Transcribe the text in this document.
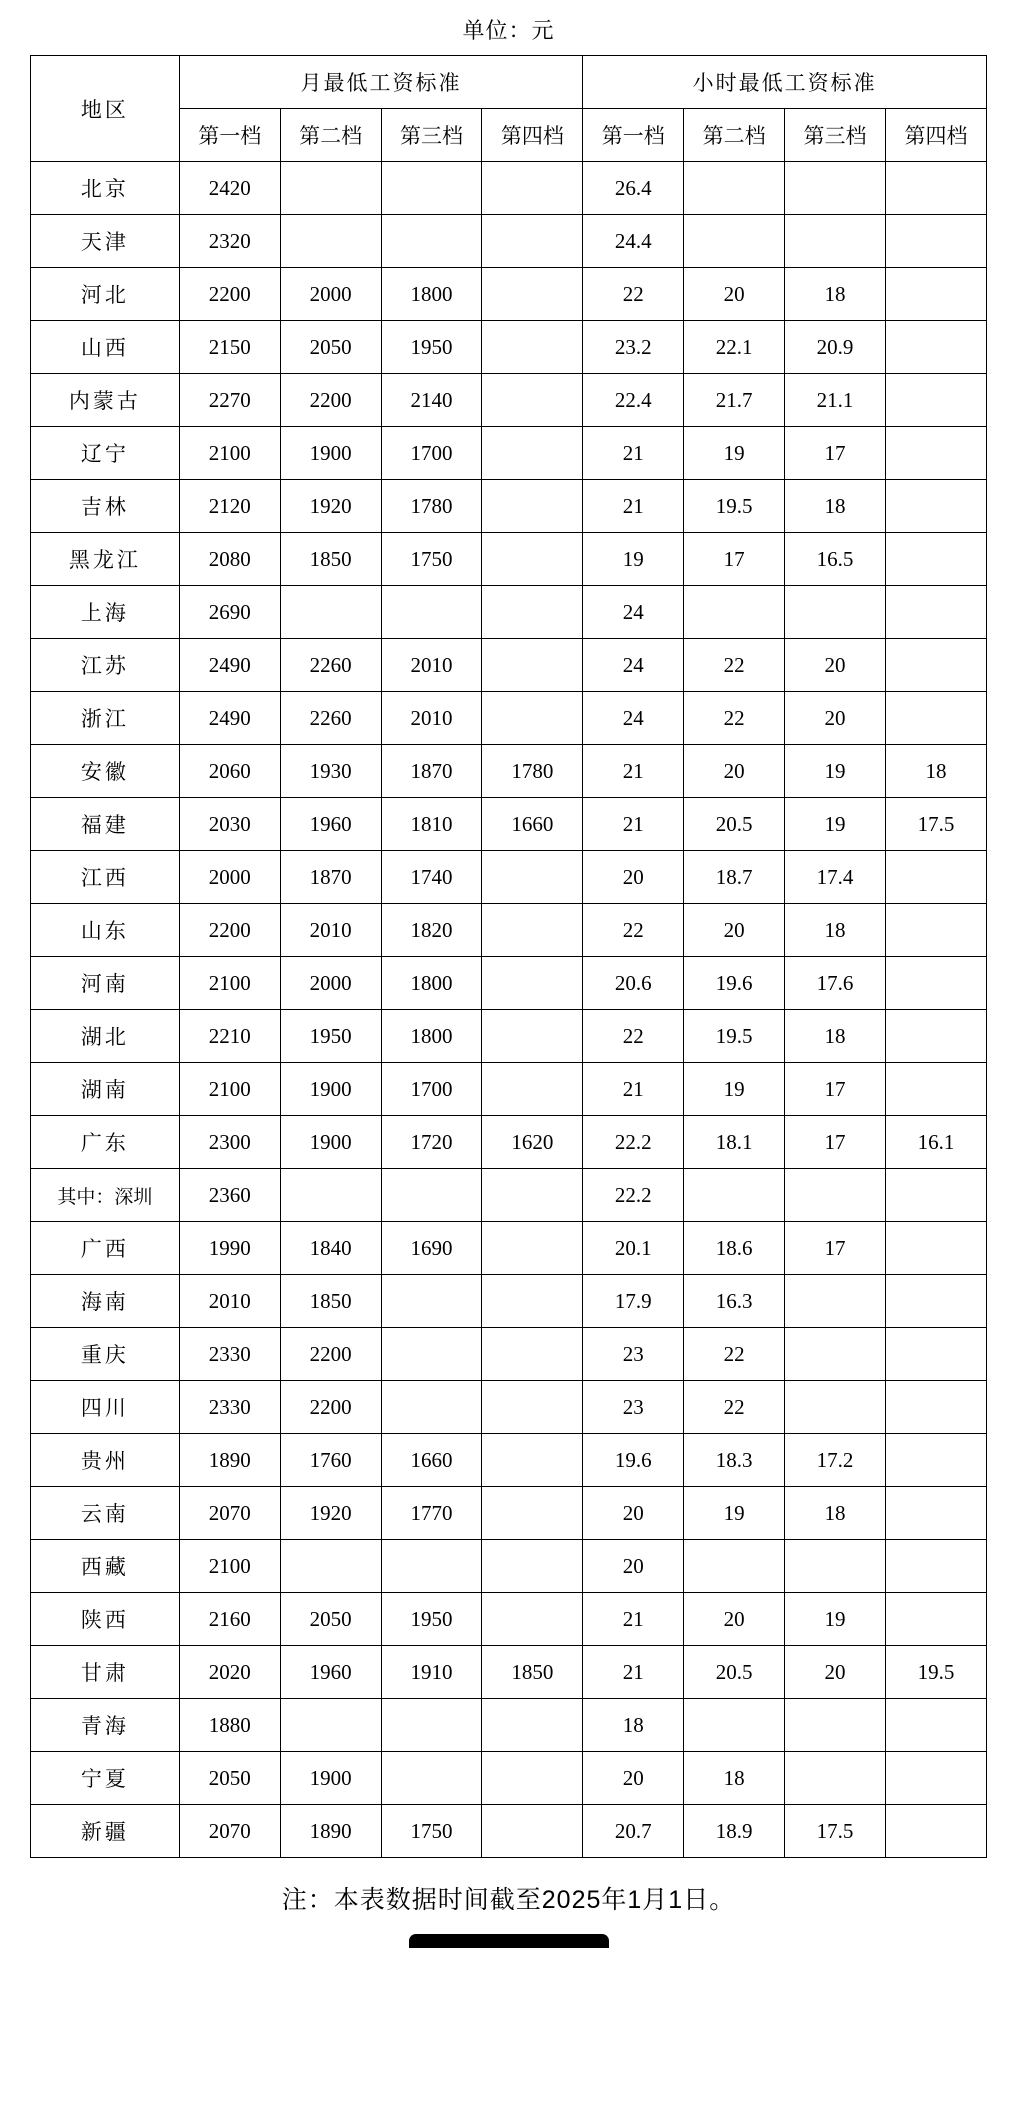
单位：元
地区	月最低工资标准				小时最低工资标准			
	第一档	第二档	第三档	第四档	第一档	第二档	第三档	第四档
北京	2420				26.4			
天津	2320				24.4			
河北	2200	2000	1800		22	20	18	
山西	2150	2050	1950		23.2	22.1	20.9	
内蒙古	2270	2200	2140		22.4	21.7	21.1	
辽宁	2100	1900	1700		21	19	17	
吉林	2120	1920	1780		21	19.5	18	
黑龙江	2080	1850	1750		19	17	16.5	
上海	2690				24			
江苏	2490	2260	2010		24	22	20	
浙江	2490	2260	2010		24	22	20	
安徽	2060	1930	1870	1780	21	20	19	18
福建	2030	1960	1810	1660	21	20.5	19	17.5
江西	2000	1870	1740		20	18.7	17.4	
山东	2200	2010	1820		22	20	18	
河南	2100	2000	1800		20.6	19.6	17.6	
湖北	2210	1950	1800		22	19.5	18	
湖南	2100	1900	1700		21	19	17	
广东	2300	1900	1720	1620	22.2	18.1	17	16.1
其中：深圳	2360				22.2			
广西	1990	1840	1690		20.1	18.6	17	
海南	2010	1850			17.9	16.3		
重庆	2330	2200			23	22		
四川	2330	2200			23	22		
贵州	1890	1760	1660		19.6	18.3	17.2	
云南	2070	1920	1770		20	19	18	
西藏	2100				20			
陕西	2160	2050	1950		21	20	19	
甘肃	2020	1960	1910	1850	21	20.5	20	19.5
青海	1880				18			
宁夏	2050	1900			20	18		
新疆	2070	1890	1750		20.7	18.9	17.5	
注：本表数据时间截至2025年1月1日。
